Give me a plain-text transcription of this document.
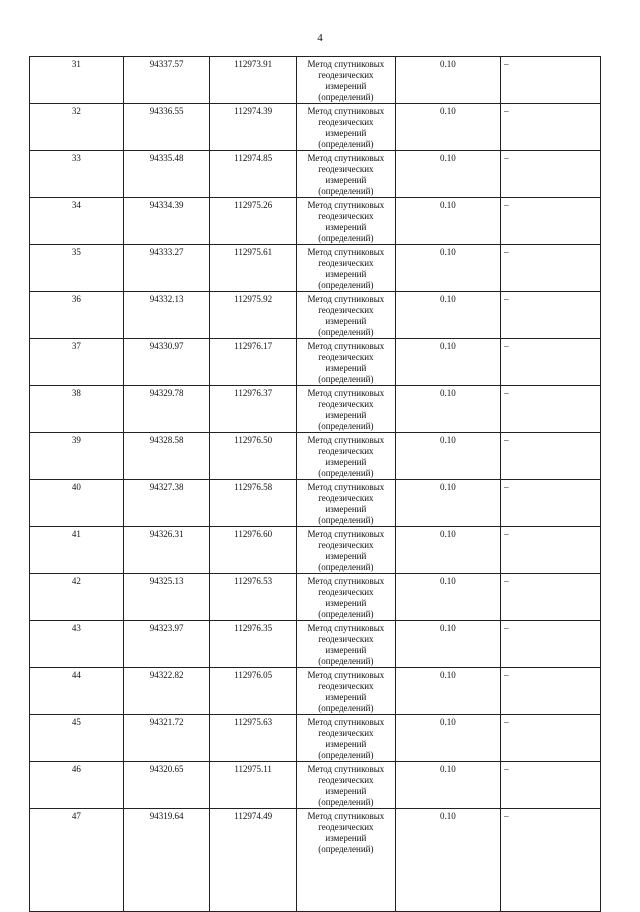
4
31	94337.57	112973.91	Метод спутниковых геодезических измерений (определений)	0.10	–
32	94336.55	112974.39	Метод спутниковых геодезических измерений (определений)	0.10	–
33	94335.48	112974.85	Метод спутниковых геодезических измерений (определений)	0.10	–
34	94334.39	112975.26	Метод спутниковых геодезических измерений (определений)	0.10	–
35	94333.27	112975.61	Метод спутниковых геодезических измерений (определений)	0.10	–
36	94332.13	112975.92	Метод спутниковых геодезических измерений (определений)	0.10	–
37	94330.97	112976.17	Метод спутниковых геодезических измерений (определений)	0.10	–
38	94329.78	112976.37	Метод спутниковых геодезических измерений (определений)	0.10	–
39	94328.58	112976.50	Метод спутниковых геодезических измерений (определений)	0.10	–
40	94327.38	112976.58	Метод спутниковых геодезических измерений (определений)	0.10	–
41	94326.31	112976.60	Метод спутниковых геодезических измерений (определений)	0.10	–
42	94325.13	112976.53	Метод спутниковых геодезических измерений (определений)	0.10	–
43	94323.97	112976.35	Метод спутниковых геодезических измерений (определений)	0.10	–
44	94322.82	112976.05	Метод спутниковых геодезических измерений (определений)	0.10	–
45	94321.72	112975.63	Метод спутниковых геодезических измерений (определений)	0.10	–
46	94320.65	112975.11	Метод спутниковых геодезических измерений (определений)	0.10	–
47	94319.64	112974.49	Метод спутниковых геодезических измерений (определений)	0.10	–
